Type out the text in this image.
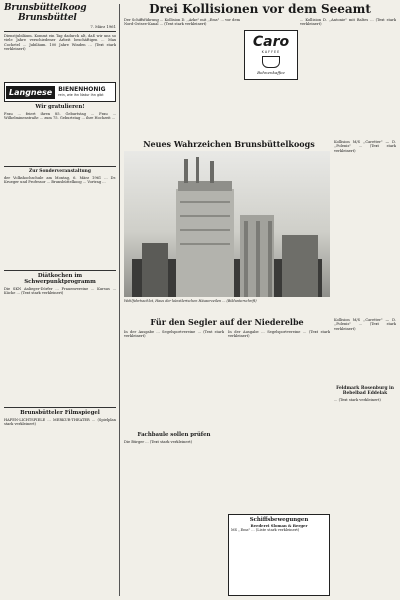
Brunsbüttelkoog
Brunsbüttel
7. März 1961

Dienstjubiläum. Kommt ein Tag dadurch alt, daß wir uns so viele Jahre verschiedener Arbeit beschäftigen ... Max Cochetel ... Jubiläum. 100 Jahre Winden ... (Text stark verkleinert)

Langnese	BIENENHONIG
rein, wie ihn Natur ihn gibt
Wir gratulieren!

Frau ... feiert ihren 85. Geburtstag ... Frau ... Wilhelminenstraße ... zum 75. Geburtstag ... ihre Hochzeit ...

Zur Sonderveranstaltung

der Volkshochschule am Montag, 6. März 1961 ... Dr. Krueger und Professor ... Brunsbüttelkoog ... Vortrag ...

Diätkochen im Schwerpunktprogramm

Die SKN Anlieger-Dörfer ... Frauenvereine ... Kursus ... Küche ... (Text stark verkleinert)

Brunsbütteler Filmspiegel

HAFEN-LICHTSPIELE ... MERKUR-THEATER ... (Spielplan stark verkleinert)

Drei Kollisionen vor dem Seeamt

Der Schiffsführung ... Kollision D. ,,Arke" mit ,,Ems" ... vor dem Nord-Ostsee-Kanal ... (Text stark verkleinert)

Caro
KAFFEE
Bohnenkaffee

... Kollision D. ,,Antonie" mit Baltes ... (Text stark verkleinert)

Neues Wahrzeichen Brunsbüttelkoogs
Wohlfahrtsschlot, Haus der künstlerischen Häuserzeilen ... (Bildunterschrift)

Kollision M/S ,,Caretter" — D. ,,Polenis" ... (Text stark verkleinert)

Für den Segler auf der Niederelbe

In der Ausgabe ... Segelsportvereine ... (Text stark verkleinert)

Fachbaule sollen prüfen

Die Bürger ... (Text stark verkleinert)

In der Ausgabe ... Segelsportvereine ... (Text stark verkleinert)

Schiffsbewegungen
Reederei Sloman & Berger

MS ,,Ems" ... (Liste stark verkleinert)

Kollision M/S ,,Caretter" — D. ,,Polenis" ... (Text stark verkleinert)

Feldmark Rosenburg in Bebelbad Eddelak

... (Text stark verkleinert)
